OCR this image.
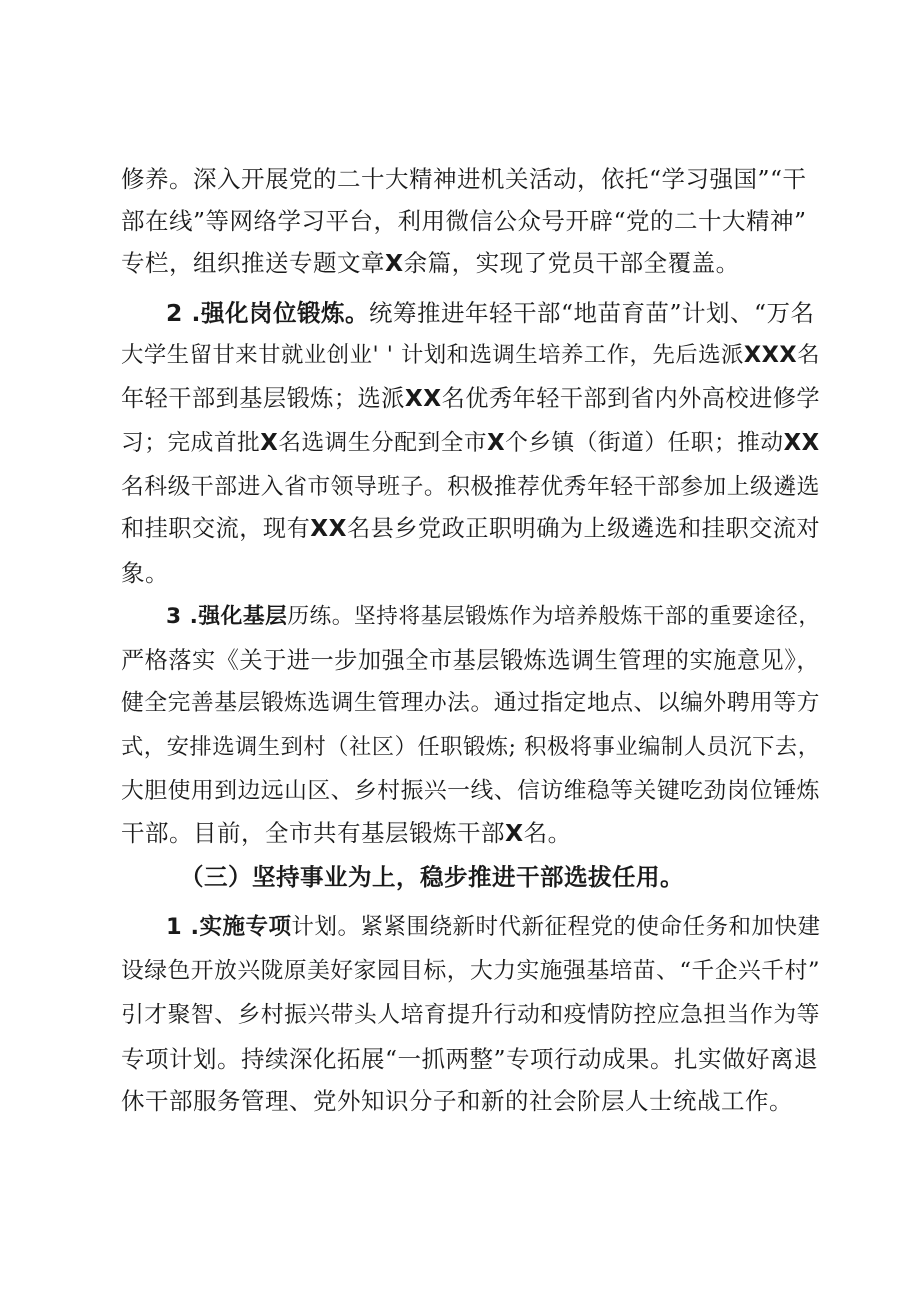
修养。深入开展党的二十大精神进机关活动，依托“学习强国”“干
部在线”等网络学习平台，利用微信公众号开辟“党的二十大精神”
专栏，组织推送专题文章X余篇，实现了党员干部全覆盖。
2 .强化岗位锻炼。统筹推进年轻干部“地苗育苗”计划、“万名
大学生留甘来甘就业创业' ' 计划和选调生培养工作，先后选派XXX名
年轻干部到基层锻炼；选派XX名优秀年轻干部到省内外高校进修学
习；完成首批X名选调生分配到全市X个乡镇（街道）任职；推动XX
名科级干部进入省市领导班子。积极推荐优秀年轻干部参加上级遴选
和挂职交流，现有XX名县乡党政正职明确为上级遴选和挂职交流对
象。
3 .强化基层历练。坚持将基层锻炼作为培养般炼干部的重要途径，
严格落实《关于进一步加强全市基层锻炼选调生管理的实施意见》，
健全完善基层锻炼选调生管理办法。通过指定地点、以编外聘用等方
式，安排选调生到村（社区）任职锻炼; 积极将事业编制人员沉下去，
大胆使用到边远山区、乡村振兴一线、信访维稳等关键吃劲岗位锤炼
干部。目前，全市共有基层锻炼干部X名。
（三）坚持事业为上，稳步推进干部选拔任用。
1 .实施专项计划。紧紧围绕新时代新征程党的使命任务和加快建
设绿色开放兴陇原美好家园目标，大力实施强基培苗、“千企兴千村”
引才聚智、乡村振兴带头人培育提升行动和疫情防控应急担当作为等
专项计划。持续深化拓展“一抓两整”专项行动成果。扎实做好离退
休干部服务管理、党外知识分子和新的社会阶层人士统战工作。
